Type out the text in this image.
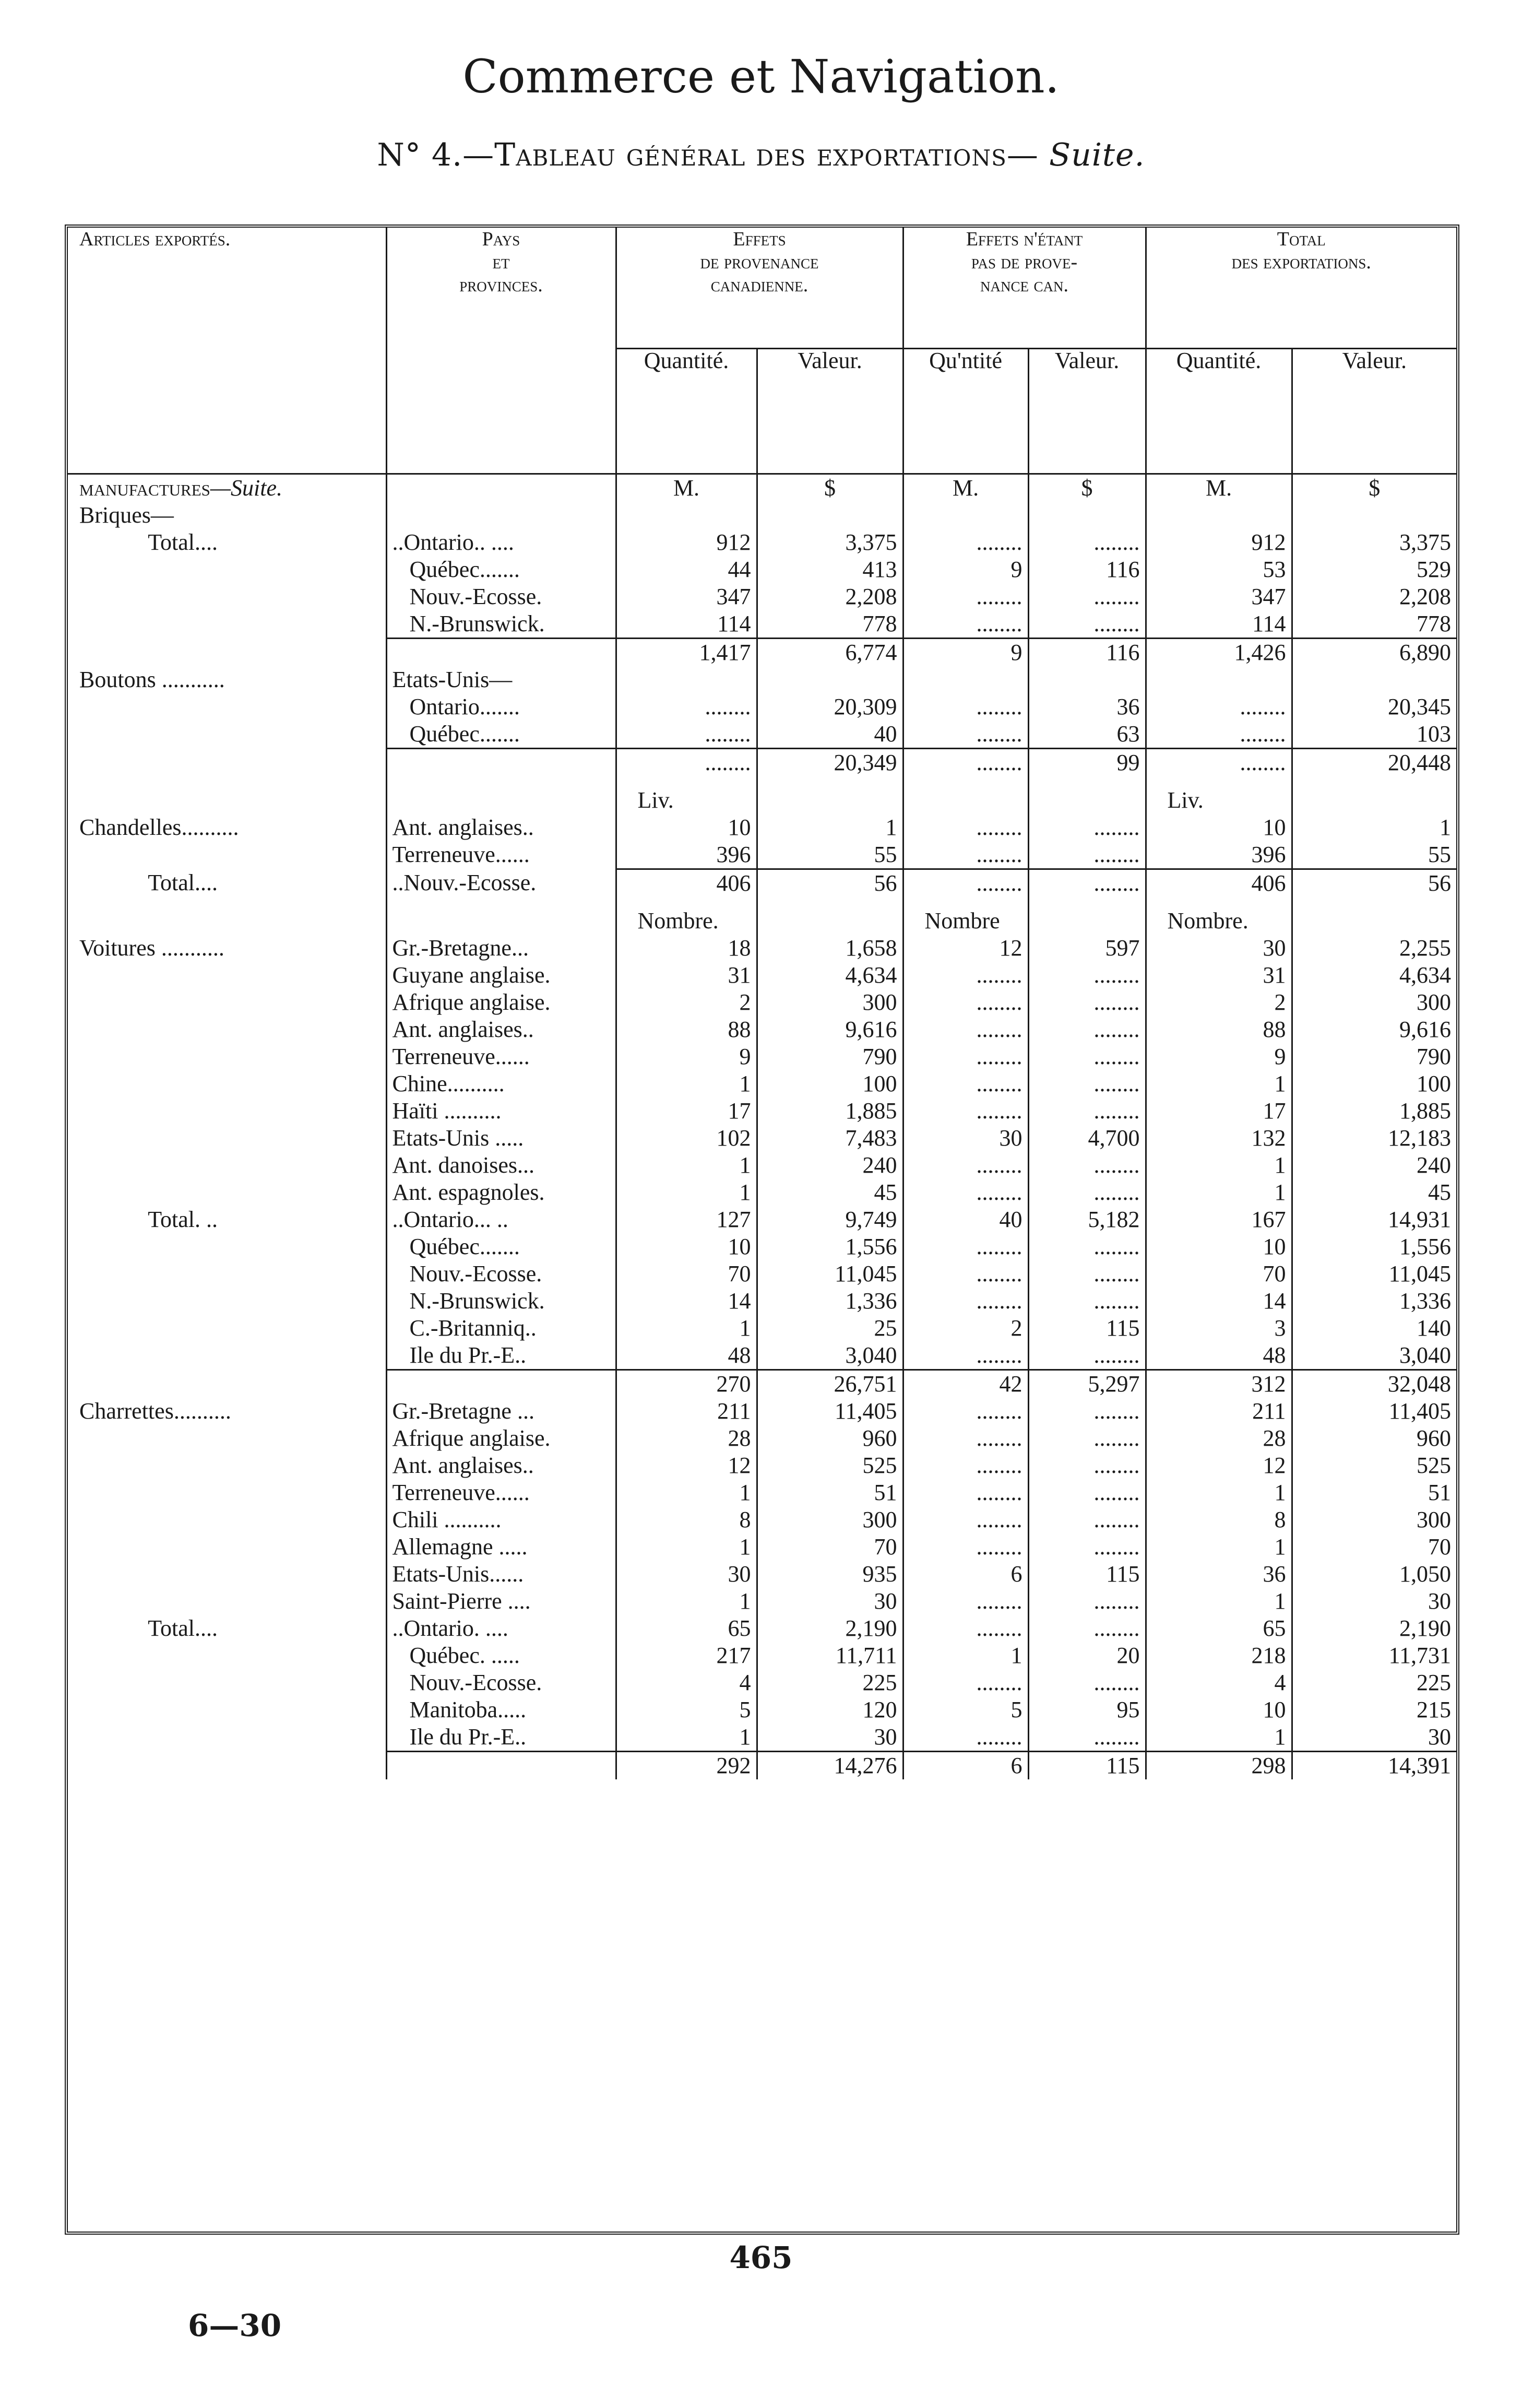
Commerce et Navigation.
N° 4.—Tableau général des exportations— Suite.
Articles exportés.	Pays
et
provinces.	Effets
de provenance
canadienne.		Effets n'étant
pas de prove-
nance can.		Total
des exportations.	
		Quantité.	Valeur.	Qu'ntité	Valeur.	Quantité.	Valeur.
manufactures—Suite.		M.	$	M.	$	M.	$
Briques—							
Total....	..Ontario.. ....	912	3,375	........	........	912	3,375
	Québec.......	44	413	9	116	53	529
	Nouv.-Ecosse.	347	2,208	........	........	347	2,208
	N.-Brunswick.	114	778	........	........	114	778
		1,417	6,774	9	116	1,426	6,890
Boutons ...........	Etats-Unis—						
	Ontario.......	........	20,309	........	36	........	20,345
	Québec.......	........	40	........	63	........	103
		........	20,349	........	99	........	20,448
		Liv.				Liv.	
Chandelles..........	Ant. anglaises..	10	1	........	........	10	1
	Terreneuve......	396	55	........	........	396	55
Total....	..Nouv.-Ecosse.	406	56	........	........	406	56
		Nombre.		Nombre		Nombre.	
Voitures ...........	Gr.-Bretagne...	18	1,658	12	597	30	2,255
	Guyane anglaise.	31	4,634	........	........	31	4,634
	Afrique anglaise.	2	300	........	........	2	300
	Ant. anglaises..	88	9,616	........	........	88	9,616
	Terreneuve......	9	790	........	........	9	790
	Chine..........	1	100	........	........	1	100
	Haïti ..........	17	1,885	........	........	17	1,885
	Etats-Unis .....	102	7,483	30	4,700	132	12,183
	Ant. danoises...	1	240	........	........	1	240
	Ant. espagnoles.	1	45	........	........	1	45
Total. ..	..Ontario... ..	127	9,749	40	5,182	167	14,931
	Québec.......	10	1,556	........	........	10	1,556
	Nouv.-Ecosse.	70	11,045	........	........	70	11,045
	N.-Brunswick.	14	1,336	........	........	14	1,336
	C.-Britanniq..	1	25	2	115	3	140
	Ile du Pr.-E..	48	3,040	........	........	48	3,040
		270	26,751	42	5,297	312	32,048
Charrettes..........	Gr.-Bretagne ...	211	11,405	........	........	211	11,405
	Afrique anglaise.	28	960	........	........	28	960
	Ant. anglaises..	12	525	........	........	12	525
	Terreneuve......	1	51	........	........	1	51
	Chili ..........	8	300	........	........	8	300
	Allemagne .....	1	70	........	........	1	70
	Etats-Unis......	30	935	6	115	36	1,050
	Saint-Pierre ....	1	30	........	........	1	30
Total....	..Ontario. ....	65	2,190	........	........	65	2,190
	Québec. .....	217	11,711	1	20	218	11,731
	Nouv.-Ecosse.	4	225	........	........	4	225
	Manitoba.....	5	120	5	95	10	215
	Ile du Pr.-E..	1	30	........	........	1	30
		292	14,276	6	115	298	14,391
465
6—30
